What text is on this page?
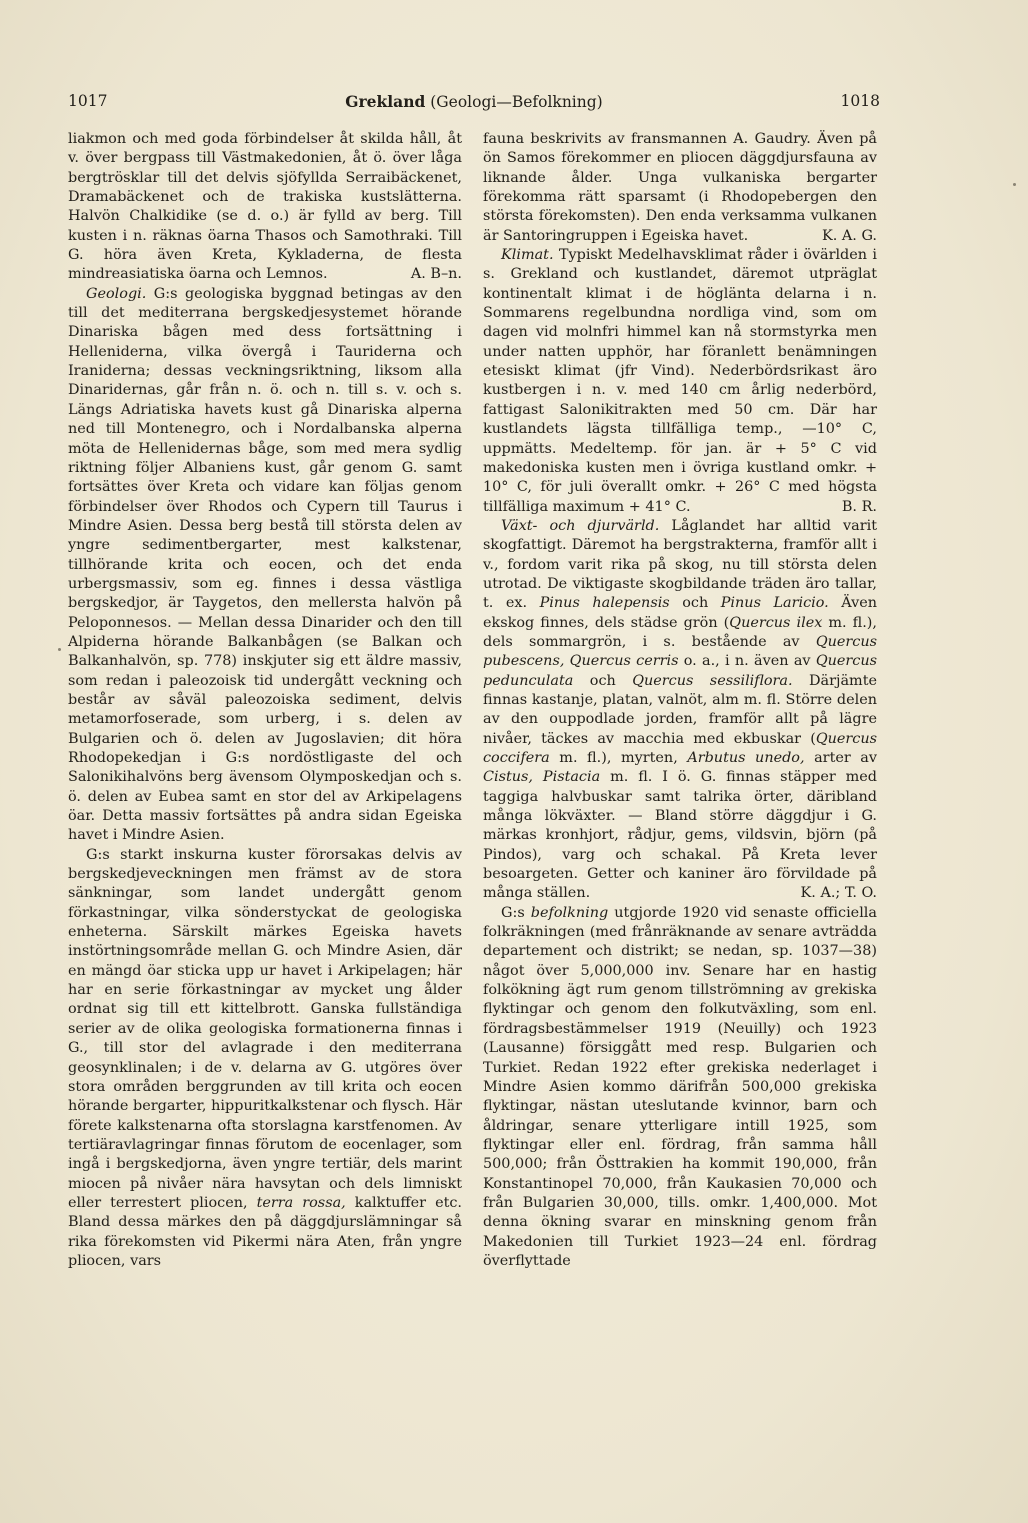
1017	Grekland (Geologi—Befolkning)	1018

liakmon och med goda förbindelser åt skilda håll, åt v. över bergpass till Västmakedonien, åt ö. över låga bergtrösklar till det delvis sjöfyllda Serraibäckenet, Dramabäckenet och de trakiska kustslätterna. Halvön Chalkidike (se d. o.) är fylld av berg. Till kusten i n. räknas öarna Thasos och Samothraki. Till G. höra även Kreta, Kykladerna, de flesta mindreasiatiska öarna och Lemnos.	A. B–n.

Geologi. G:s geologiska byggnad betingas av den till det mediterrana bergskedjesystemet hörande Dinariska bågen med dess fortsättning i Helleniderna, vilka övergå i Tauriderna och Iraniderna; dessas veckningsriktning, liksom alla Dinaridernas, går från n. ö. och n. till s. v. och s. Längs Adriatiska havets kust gå Dinariska alperna ned till Montenegro, och i Nordalbanska alperna möta de Hellenidernas båge, som med mera sydlig riktning följer Albaniens kust, går genom G. samt fortsättes över Kreta och vidare kan följas genom förbindelser över Rhodos och Cypern till Taurus i Mindre Asien. Dessa berg bestå till största delen av yngre sedimentbergarter, mest kalkstenar, tillhörande krita och eocen, och det enda urbergsmassiv, som eg. finnes i dessa västliga bergskedjor, är Taygetos, den mellersta halvön på Peloponnesos. — Mellan dessa Dinarider och den till Alpiderna hörande Balkanbågen (se Balkan och Balkanhalvön, sp. 778) inskjuter sig ett äldre massiv, som redan i paleozoisk tid undergått veckning och består av såväl paleozoiska sediment, delvis metamorfoserade, som urberg, i s. delen av Bulgarien och ö. delen av Jugoslavien; dit höra Rhodopekedjan i G:s nordöstligaste del och Salonikihalvöns berg ävensom Olymposkedjan och s. ö. delen av Eubea samt en stor del av Arkipelagens öar. Detta massiv fortsättes på andra sidan Egeiska havet i Mindre Asien.

G:s starkt inskurna kuster förorsakas delvis av bergskedjeveckningen men främst av de stora sänkningar, som landet undergått genom förkastningar, vilka sönderstyckat de geologiska enheterna. Särskilt märkes Egeiska havets instörtningsområde mellan G. och Mindre Asien, där en mängd öar sticka upp ur havet i Arkipelagen; här har en serie förkastningar av mycket ung ålder ordnat sig till ett kittelbrott. Ganska fullständiga serier av de olika geologiska formationerna finnas i G., till stor del avlagrade i den mediterrana geosynklinalen; i de v. delarna av G. utgöres över stora områden berggrunden av till krita och eocen hörande bergarter, hippuritkalkstenar och flysch. Här förete kalkstenarna ofta storslagna karstfenomen. Av tertiäravlagringar finnas förutom de eocenlager, som ingå i bergskedjorna, även yngre tertiär, dels marint miocen på nivåer nära havsytan och dels limniskt eller terrestert pliocen, terra rossa, kalktuffer etc. Bland dessa märkes den på däggdjurslämningar så rika förekomsten vid Pikermi nära Aten, från yngre pliocen, vars

fauna beskrivits av fransmannen A. Gaudry. Även på ön Samos förekommer en pliocen däggdjursfauna av liknande ålder. Unga vulkaniska bergarter förekomma rätt sparsamt (i Rhodopebergen den största förekomsten). Den enda verksamma vulkanen är Santoringruppen i Egeiska havet.	K. A. G.

Klimat. Typiskt Medelhavsklimat råder i övärlden i s. Grekland och kustlandet, däremot utpräglat kontinentalt klimat i de höglänta delarna i n. Sommarens regelbundna nordliga vind, som om dagen vid molnfri himmel kan nå stormstyrka men under natten upphör, har föranlett benämningen etesiskt klimat (jfr Vind). Nederbördsrikast äro kustbergen i n. v. med 140 cm årlig nederbörd, fattigast Salonikitrakten med 50 cm. Där har kustlandets lägsta tillfälliga temp., —10° C, uppmätts. Medeltemp. för jan. är + 5° C vid makedoniska kusten men i övriga kustland omkr. + 10° C, för juli överallt omkr. + 26° C med högsta tillfälliga maximum + 41° C.	B. R.

Växt- och djurvärld. Låglandet har alltid varit skogfattigt. Däremot ha bergstrakterna, framför allt i v., fordom varit rika på skog, nu till största delen utrotad. De viktigaste skogbildande träden äro tallar, t. ex. Pinus halepensis och Pinus Laricio. Även ekskog finnes, dels städse grön (Quercus ilex m. fl.), dels sommargrön, i s. bestående av Quercus pubescens, Quercus cerris o. a., i n. även av Quercus pedunculata och Quercus sessiliflora. Därjämte finnas kastanje, platan, valnöt, alm m. fl. Större delen av den ouppodlade jorden, framför allt på lägre nivåer, täckes av macchia med ekbuskar (Quercus coccifera m. fl.), myrten, Arbutus unedo, arter av Cistus, Pistacia m. fl. I ö. G. finnas stäpper med taggiga halvbuskar samt talrika örter, däribland många lökväxter. — Bland större däggdjur i G. märkas kronhjort, rådjur, gems, vildsvin, björn (på Pindos), varg och schakal. På Kreta lever besoargeten. Getter och kaniner äro förvildade på många ställen.	K. A.; T. O.

G:s befolkning utgjorde 1920 vid senaste officiella folkräkningen (med frånräknande av senare avträdda departement och distrikt; se nedan, sp. 1037—38) något över 5,000,000 inv. Senare har en hastig folkökning ägt rum genom tillströmning av grekiska flyktingar och genom den folkutväxling, som enl. fördragsbestämmelser 1919 (Neuilly) och 1923 (Lausanne) försiggått med resp. Bulgarien och Turkiet. Redan 1922 efter grekiska nederlaget i Mindre Asien kommo därifrån 500,000 grekiska flyktingar, nästan uteslutande kvinnor, barn och åldringar, senare ytterligare intill 1925, som flyktingar eller enl. fördrag, från samma håll 500,000; från Östtrakien ha kommit 190,000, från Konstantinopel 70,000, från Kaukasien 70,000 och från Bulgarien 30,000, tills. omkr. 1,400,000. Mot denna ökning svarar en minskning genom från Makedonien till Turkiet 1923—24 enl. fördrag överflyttade
